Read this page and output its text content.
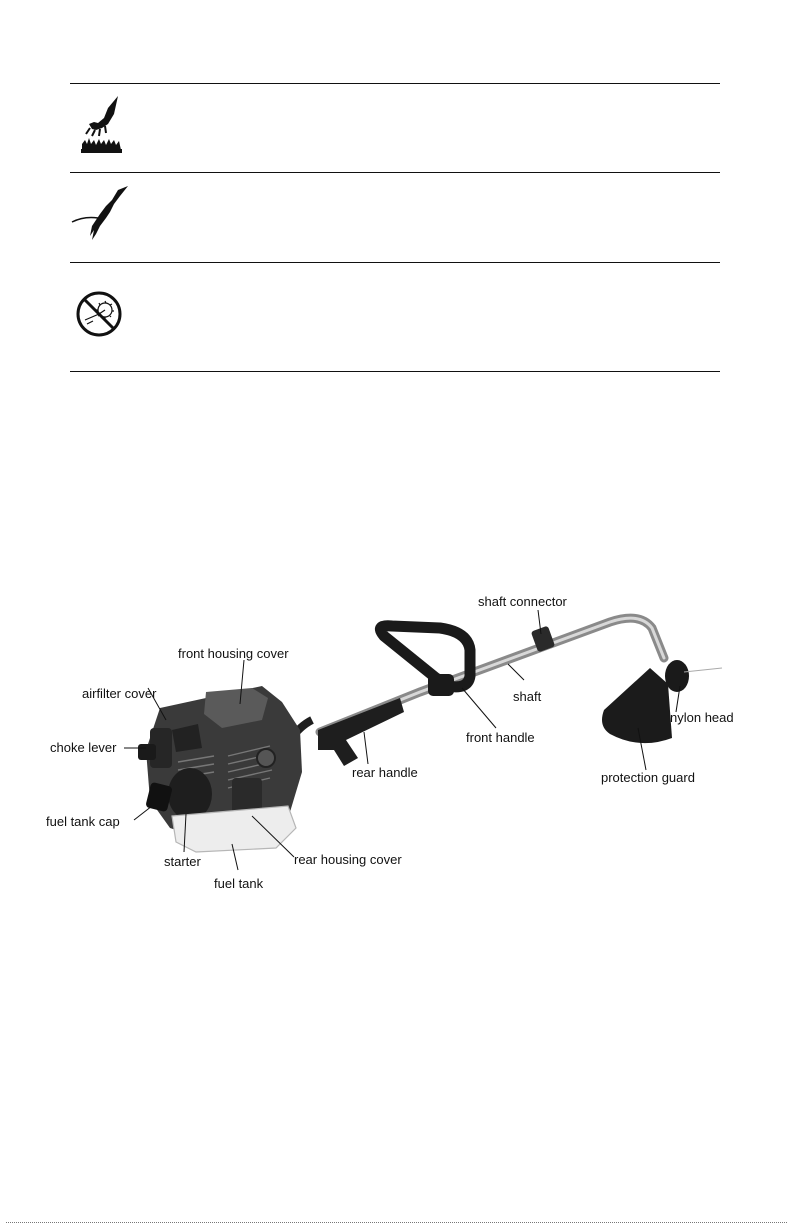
shaft connector
front housing cover
airfilter cover	shaft
nylon head
choke lever
front handle
rear handle	protection guard
fuel tank cap
starter	rear housing cover
fuel tank
